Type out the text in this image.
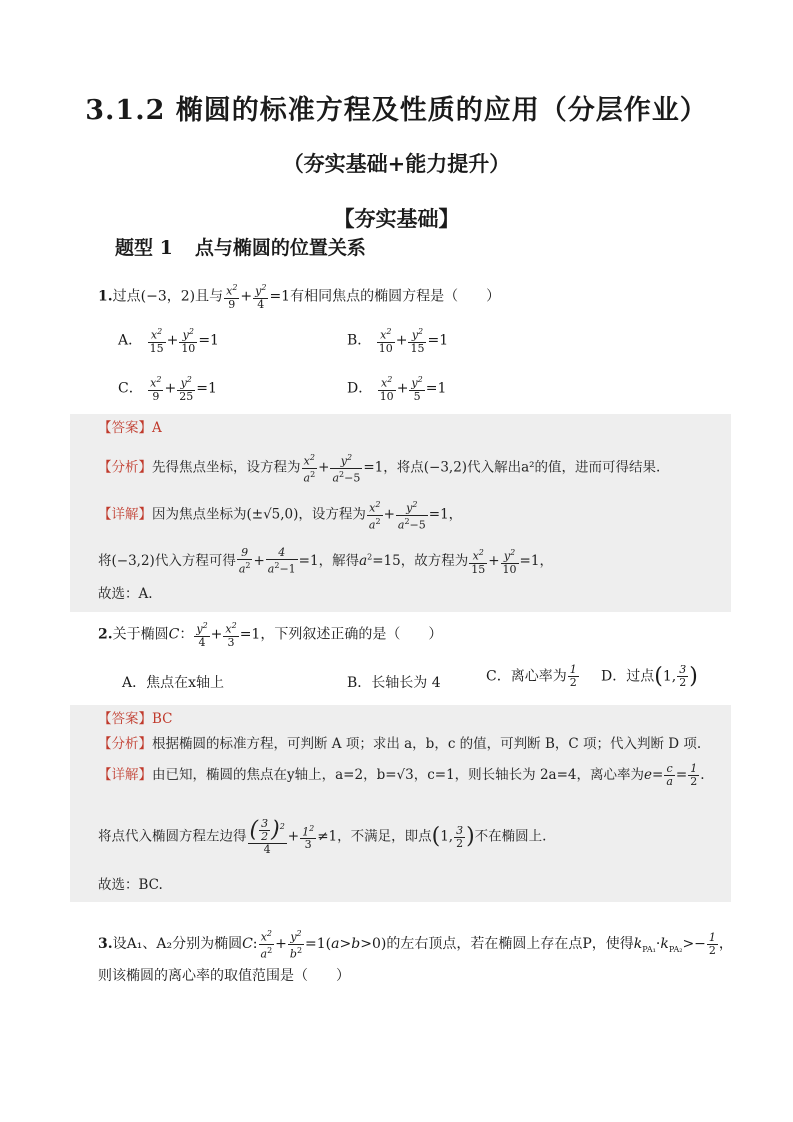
3.1.2 椭圆的标准方程及性质的应用（分层作业）
（夯实基础+能力提升）
【夯实基础】
题型 1 点与椭圆的位置关系
1.过点(−3，2)且与 $\frac{x^2}{9} + \frac{y^2}{4} =1$有相同焦点的椭圆方程是（　　）
A． $\frac{x^2}{15} + \frac{y^2}{10} =1$	B． $\frac{x^2}{10} + \frac{y^2}{15} =1$
C． $\frac{x^2}{9} + \frac{y^2}{25} =1$	D． $\frac{x^2}{10} + \frac{y^2}{5} =1$
【答案】A
【分析】先得焦点坐标，设方程为 $\frac{x^2}{a^2} + \frac{y^2}{a^2-5} =1$，将点(−3,2)代入解出a²的值，进而可得结果.
【详解】因为焦点坐标为(±√5,0)，设方程为 $\frac{x^2}{a^2} + \frac{y^2}{a^2-5} =1$，
将(−3,2)代入方程可得 $\frac{9}{a^2} + \frac{4}{a^2-1} =1$，解得$a^2=15$，故方程为 $\frac{x^2}{15} + \frac{y^2}{10} =1$，
故选：A.
2.关于椭圆C： $\frac{y^2}{4} + \frac{x^2}{3} =1$，下列叙述正确的是（　　）
A．焦点在x轴上	B．长轴长为 4	C．离心率为 $\frac{1}{2}$ D．过点(1, $\frac{3}{2}$ )
【答案】BC
【分析】根据椭圆的标准方程，可判断 A 项；求出 a，b，c 的值，可判断 B，C 项；代入判断 D 项.
【详解】由已知，椭圆的焦点在y轴上，a=2，b=√3，c=1，则长轴长为 2a=4，离心率为$e= \frac{c}{a} = \frac{1}{2}$ .
将点代入椭圆方程左边得 $\frac{( \frac{3}{2} )^2}{4} + \frac{1^2}{3} \ne 1$，不满足，即点(1, $\frac{3}{2}$ )不在椭圆上.
故选：BC.
3.设A₁、A₂分别为椭圆C: $\frac{x^2}{a^2} + \frac{y^2}{b^2} =1(a>b>0)$的左右顶点，若在椭圆上存在点P，使得$k_{PA_1}\cdot k_{PA_2}>- \frac{1}{2}$ ，
则该椭圆的离心率的取值范围是（　　）
